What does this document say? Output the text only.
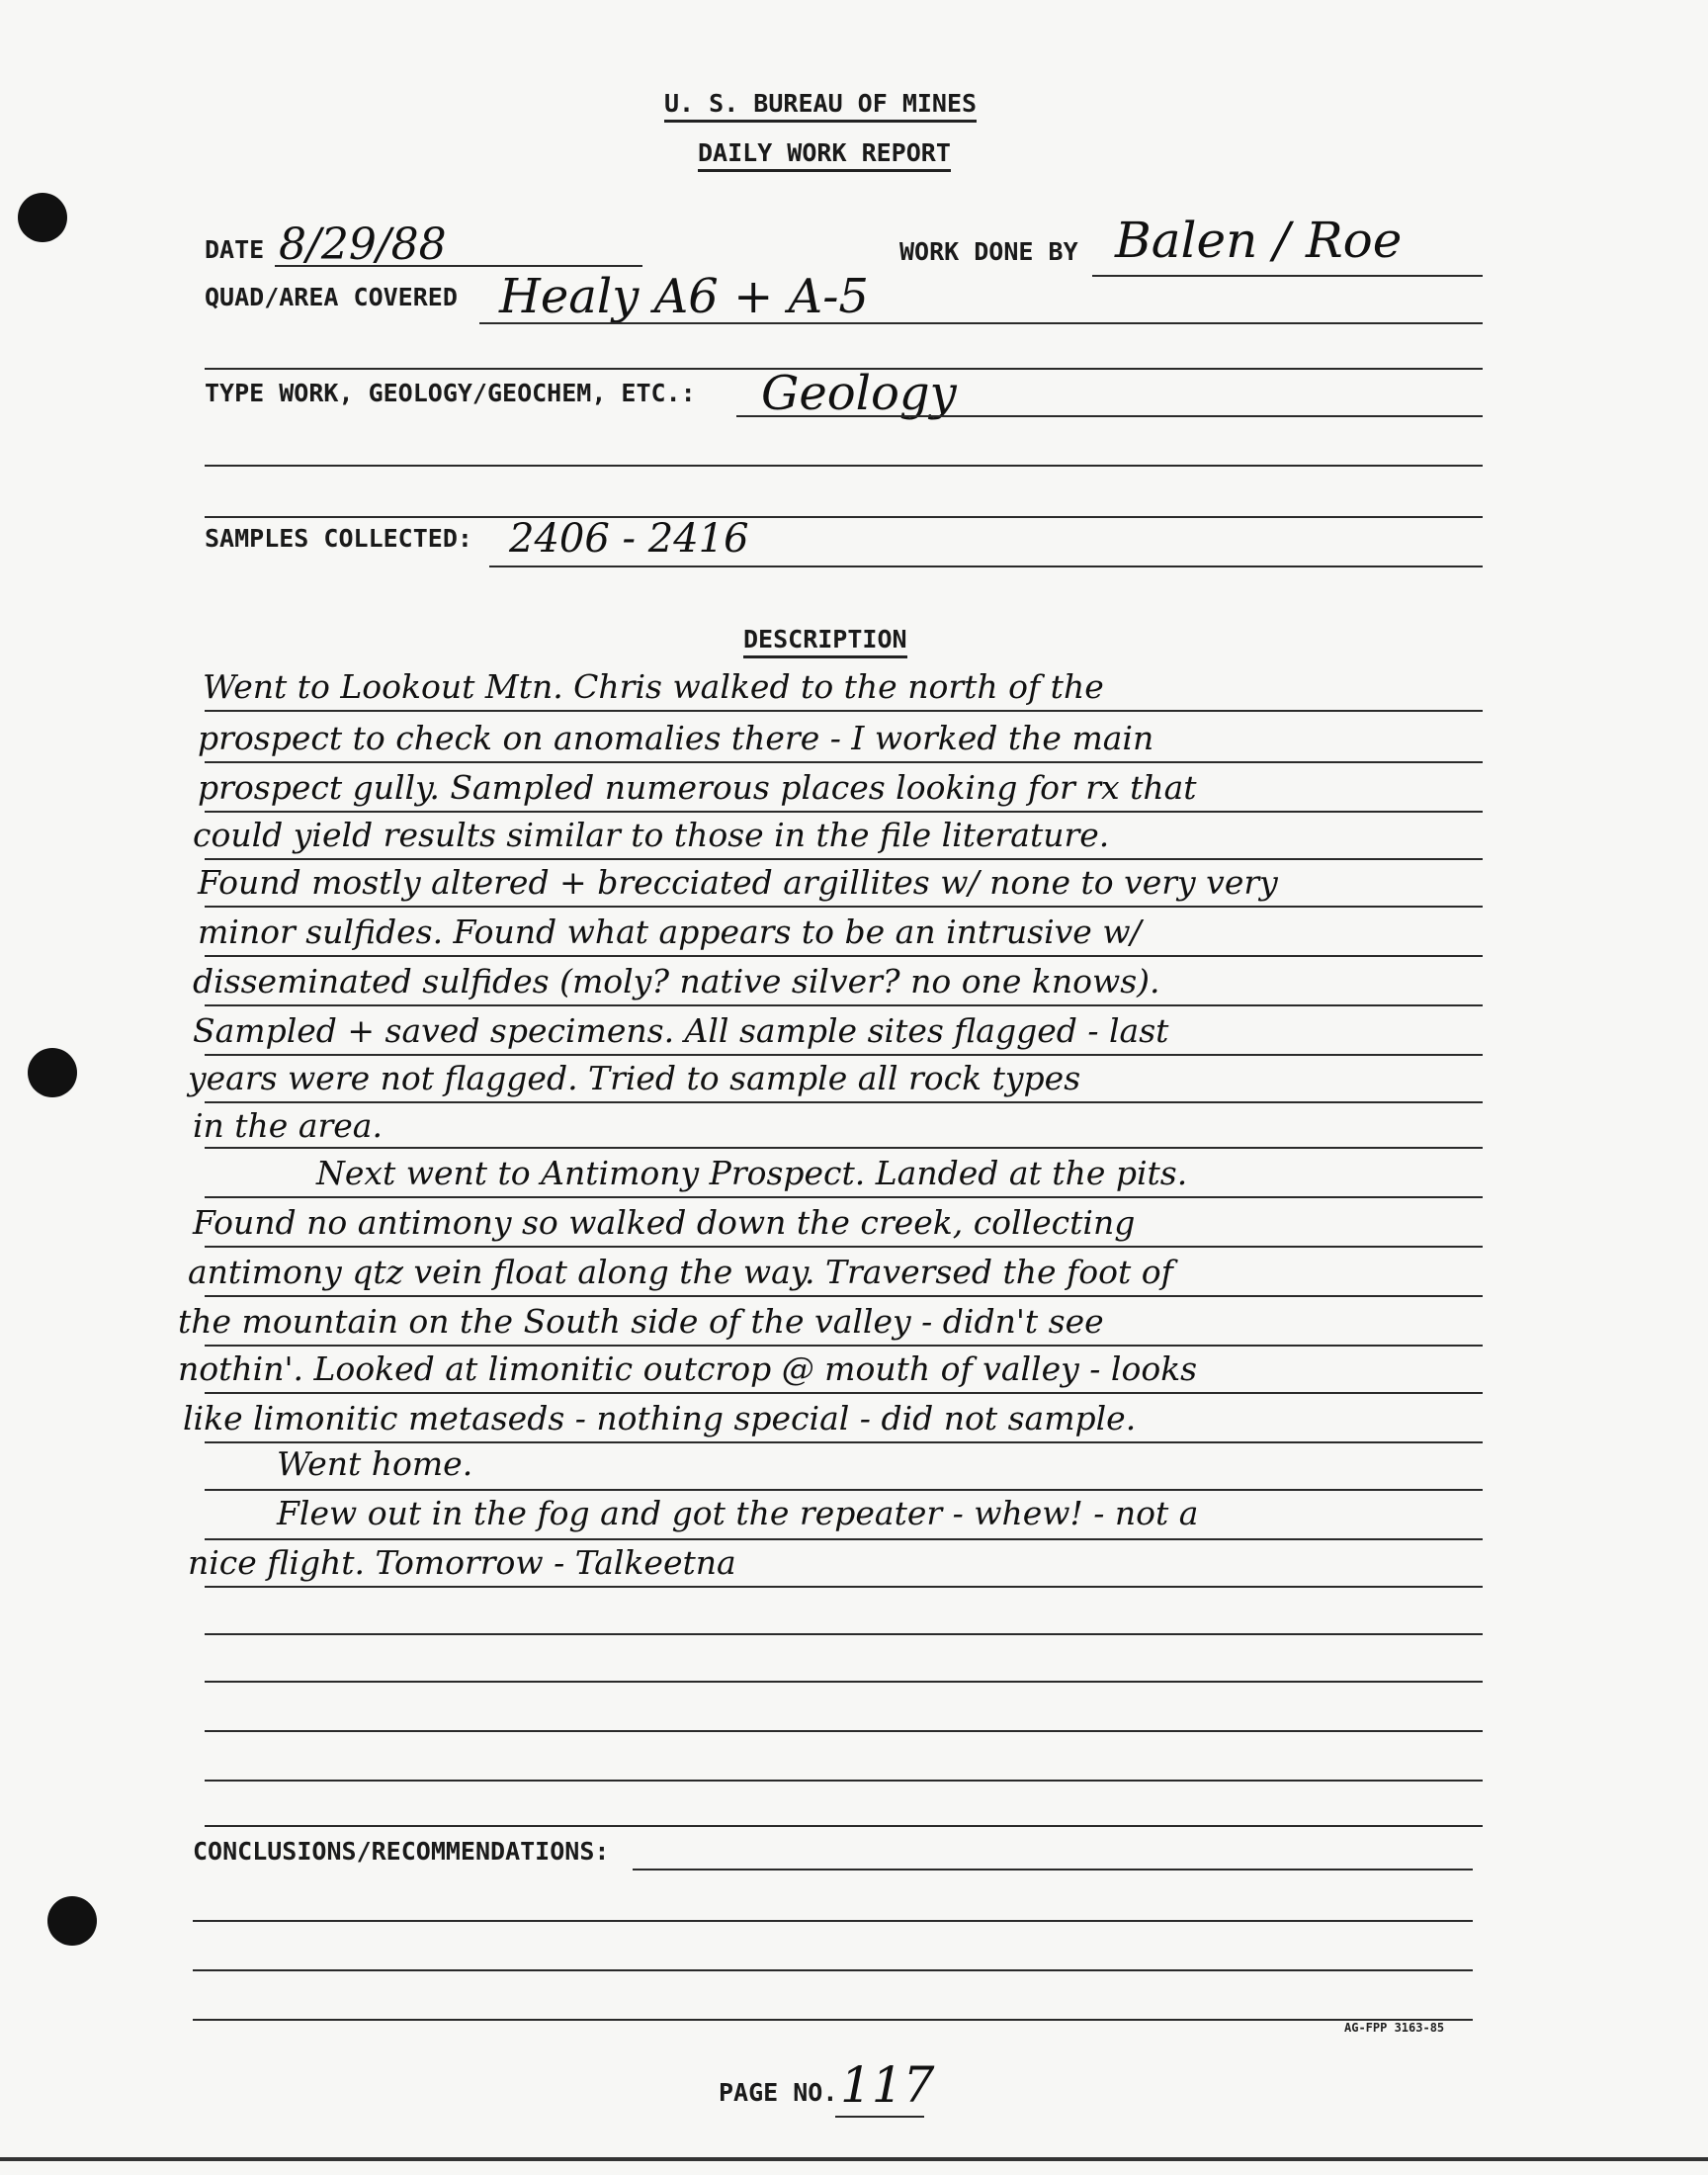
U. S. BUREAU OF MINES
DAILY WORK REPORT
DATE 8/29/88	WORK DONE BY Balen / Roe
QUAD/AREA COVERED Healy A6 + A-5
TYPE WORK, GEOLOGY/GEOCHEM, ETC.: Geology
SAMPLES COLLECTED: 2406 - 2416
DESCRIPTION
Went to Lookout Mtn. Chris walked to the north of the
prospect to check on anomalies there - I worked the main
prospect gully. Sampled numerous places looking for rx that
could yield results similar to those in the file literature.
Found mostly altered + brecciated argillites w/ none to very very
minor sulfides. Found what appears to be an intrusive w/
disseminated sulfides (moly? native silver? no one knows).
Sampled + saved specimens. All sample sites flagged - last
years were not flagged. Tried to sample all rock types
in the area.
Next went to Antimony Prospect. Landed at the pits.
Found no antimony so walked down the creek, collecting
antimony qtz vein float along the way. Traversed the foot of
the mountain on the South side of the valley - didn't see
nothin'. Looked at limonitic outcrop @ mouth of valley - looks
like limonitic metaseds - nothing special - did not sample.
Went home.
Flew out in the fog and got the repeater - whew! - not a
nice flight. Tomorrow - Talkeetna
CONCLUSIONS/RECOMMENDATIONS:
AG-FPP 3163-85
PAGE NO. 117
